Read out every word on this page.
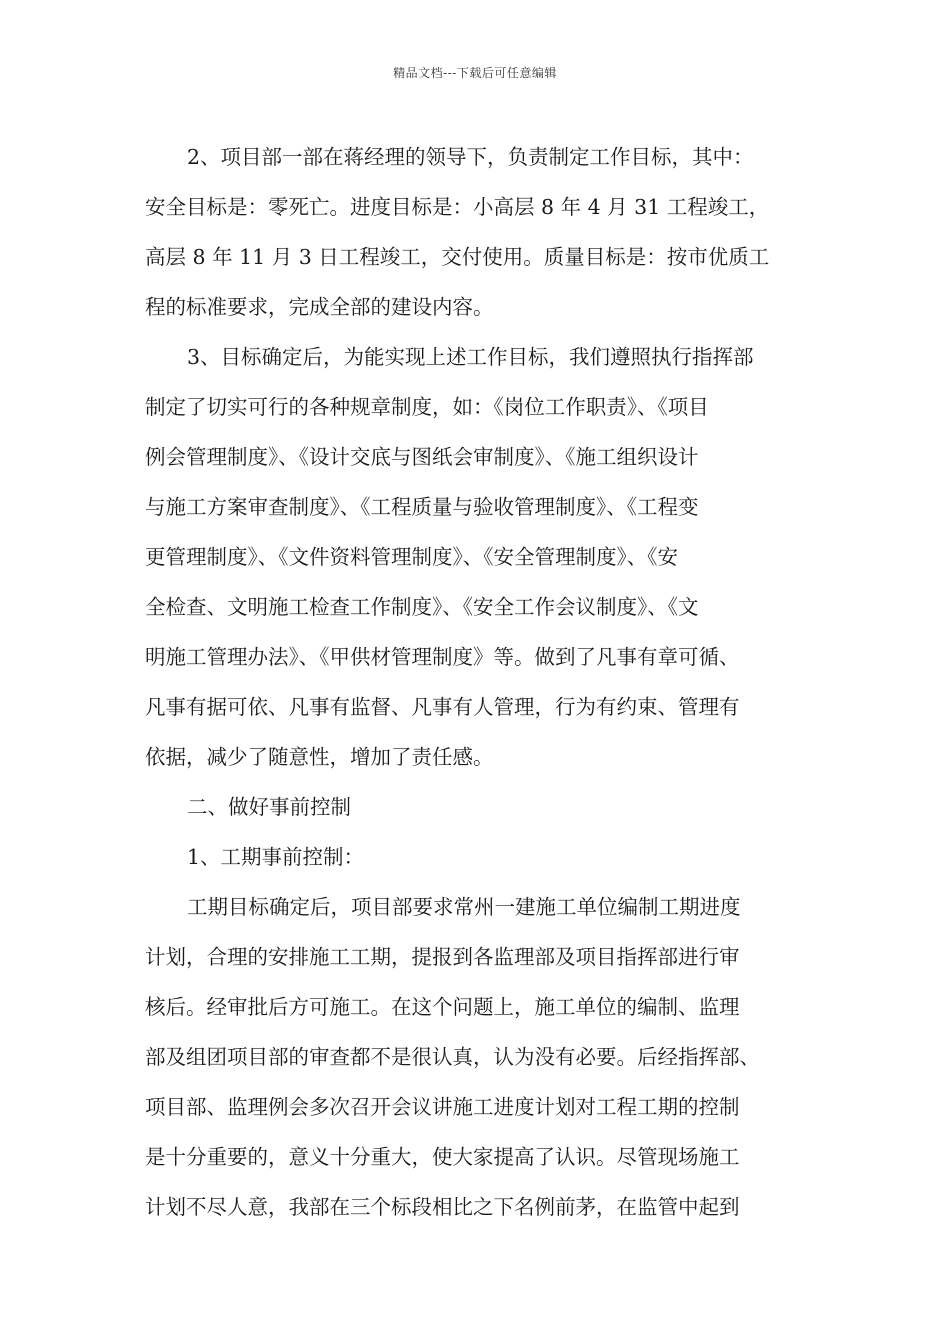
精品文档---下载后可任意编辑
2、项目部一部在蒋经理的领导下，负责制定工作目标，其中：
安全目标是：零死亡。进度目标是：小高层 8 年 4 月 31 工程竣工，
高层 8 年 11 月 3 日工程竣工，交付使用。质量目标是：按市优质工
程的标准要求，完成全部的建设内容。
3、目标确定后，为能实现上述工作目标，我们遵照执行指挥部
制定了切实可行的各种规章制度，如：《岗位工作职责》、《项目
例会管理制度》、《设计交底与图纸会审制度》、《施工组织设计
与施工方案审查制度》、《工程质量与验收管理制度》、《工程变
更管理制度》、《文件资料管理制度》、《安全管理制度》、《安
全检查、文明施工检查工作制度》、《安全工作会议制度》、《文
明施工管理办法》、《甲供材管理制度》等。做到了凡事有章可循、
凡事有据可依、凡事有监督、凡事有人管理，行为有约束、管理有
依据，减少了随意性，增加了责任感。
二、做好事前控制
1、工期事前控制：
工期目标确定后，项目部要求常州一建施工单位编制工期进度
计划，合理的安排施工工期，提报到各监理部及项目指挥部进行审
核后。经审批后方可施工。在这个问题上，施工单位的编制、监理
部及组团项目部的审查都不是很认真，认为没有必要。后经指挥部、
项目部、监理例会多次召开会议讲施工进度计划对工程工期的控制
是十分重要的，意义十分重大，使大家提高了认识。尽管现场施工
计划不尽人意，我部在三个标段相比之下名例前茅，在监管中起到
